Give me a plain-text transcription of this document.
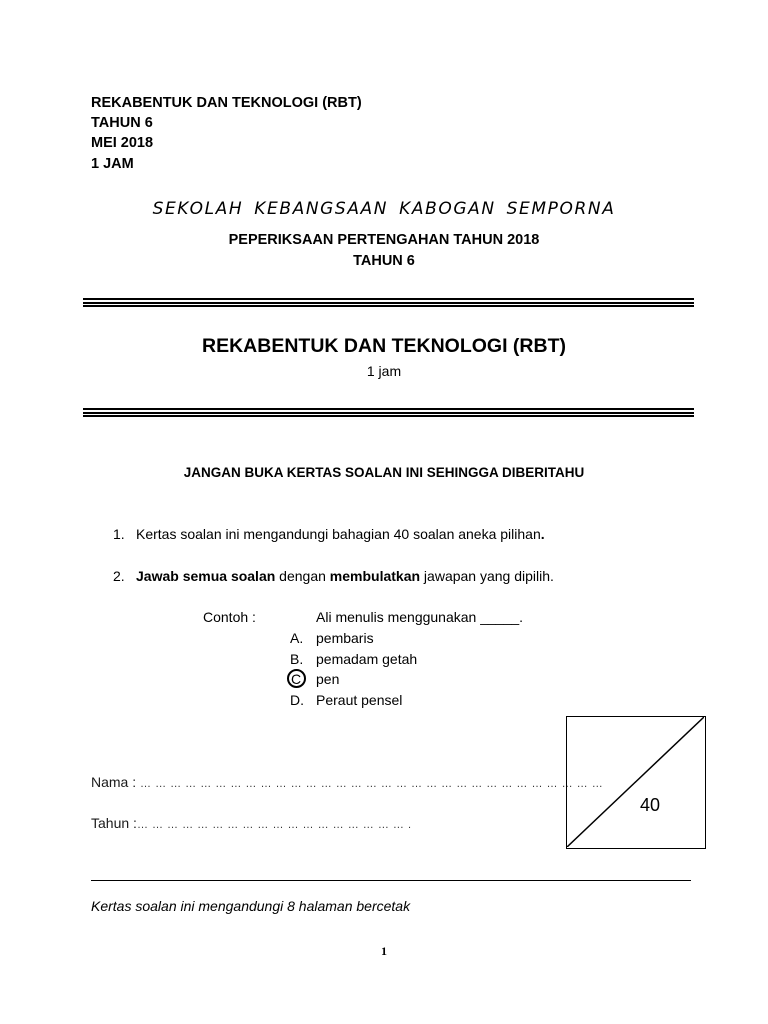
REKABENTUK DAN TEKNOLOGI (RBT)
TAHUN 6
MEI 2018
1 JAM
SEKOLAH KEBANGSAAN KABOGAN SEMPORNA
PEPERIKSAAN PERTENGAHAN TAHUN 2018
TAHUN 6
REKABENTUK DAN TEKNOLOGI (RBT)
1 jam
JANGAN BUKA KERTAS SOALAN INI SEHINGGA DIBERITAHU
1. Kertas soalan ini mengandungi bahagian 40 soalan aneka pilihan.
2. Jawab semua soalan dengan membulatkan jawapan yang dipilih.
Contoh :	Ali menulis menggunakan _____.
A. pembaris
B. pemadam getah
C	pen
D. Peraut pensel
Nama : … … … … … … … … … … … … … … … … … … … … … … … … … … … … … … …
Tahun :… … … … … … … … … … … … … … … … … … .
40
Kertas soalan ini mengandungi 8 halaman bercetak
1
